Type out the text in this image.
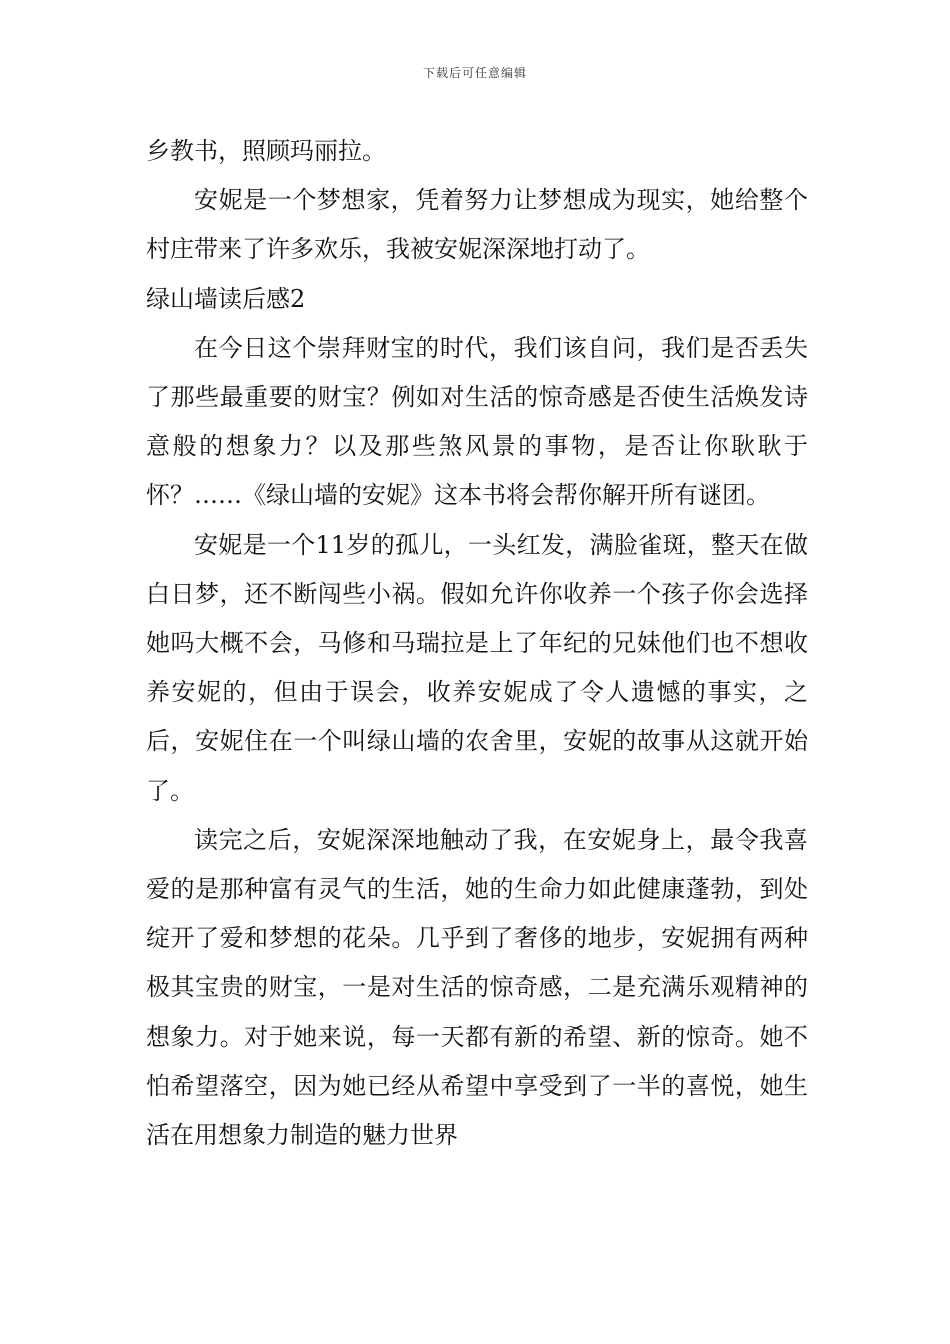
下载后可任意编辑

乡教书，照顾玛丽拉。

安妮是一个梦想家，凭着努力让梦想成为现实，她给整个村庄带来了许多欢乐，我被安妮深深地打动了。

绿山墙读后感2

在今日这个崇拜财宝的时代，我们该自问，我们是否丢失了那些最重要的财宝？例如对生活的惊奇感是否使生活焕发诗意般的想象力？以及那些煞风景的事物，是否让你耿耿于怀？……《绿山墙的安妮》这本书将会帮你解开所有谜团。

安妮是一个11岁的孤儿，一头红发，满脸雀斑，整天在做白日梦，还不断闯些小祸。假如允许你收养一个孩子你会选择她吗大概不会，马修和马瑞拉是上了年纪的兄妹他们也不想收养安妮的，但由于误会，收养安妮成了令人遗憾的事实，之后，安妮住在一个叫绿山墙的农舍里，安妮的故事从这就开始了。

读完之后，安妮深深地触动了我，在安妮身上，最令我喜爱的是那种富有灵气的生活，她的生命力如此健康蓬勃，到处绽开了爱和梦想的花朵。几乎到了奢侈的地步，安妮拥有两种极其宝贵的财宝，一是对生活的惊奇感，二是充满乐观精神的想象力。对于她来说，每一天都有新的希望、新的惊奇。她不怕希望落空，因为她已经从希望中享受到了一半的喜悦，她生活在用想象力制造的魅力世界
